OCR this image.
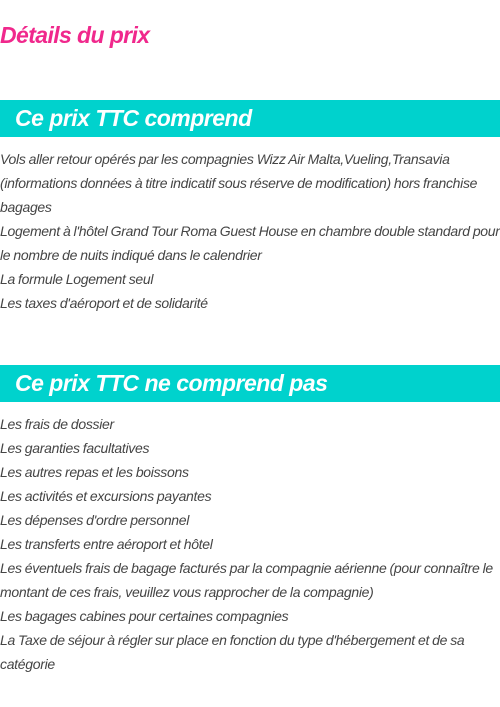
Détails du prix
Ce prix TTC comprend
Vols aller retour opérés par les compagnies Wizz Air Malta,Vueling,Transavia (informations données à titre indicatif sous réserve de modification) hors franchise bagages
Logement à l'hôtel Grand Tour Roma Guest House en chambre double standard pour le nombre de nuits indiqué dans le calendrier
La formule Logement seul
Les taxes d'aéroport et de solidarité
Ce prix TTC ne comprend pas
Les frais de dossier
Les garanties facultatives
Les autres repas et les boissons
Les activités et excursions payantes
Les dépenses d'ordre personnel
Les transferts entre aéroport et hôtel
Les éventuels frais de bagage facturés par la compagnie aérienne (pour connaître le montant de ces frais, veuillez vous rapprocher de la compagnie)
Les bagages cabines pour certaines compagnies
La Taxe de séjour à régler sur place en fonction du type d'hébergement et de sa catégorie
